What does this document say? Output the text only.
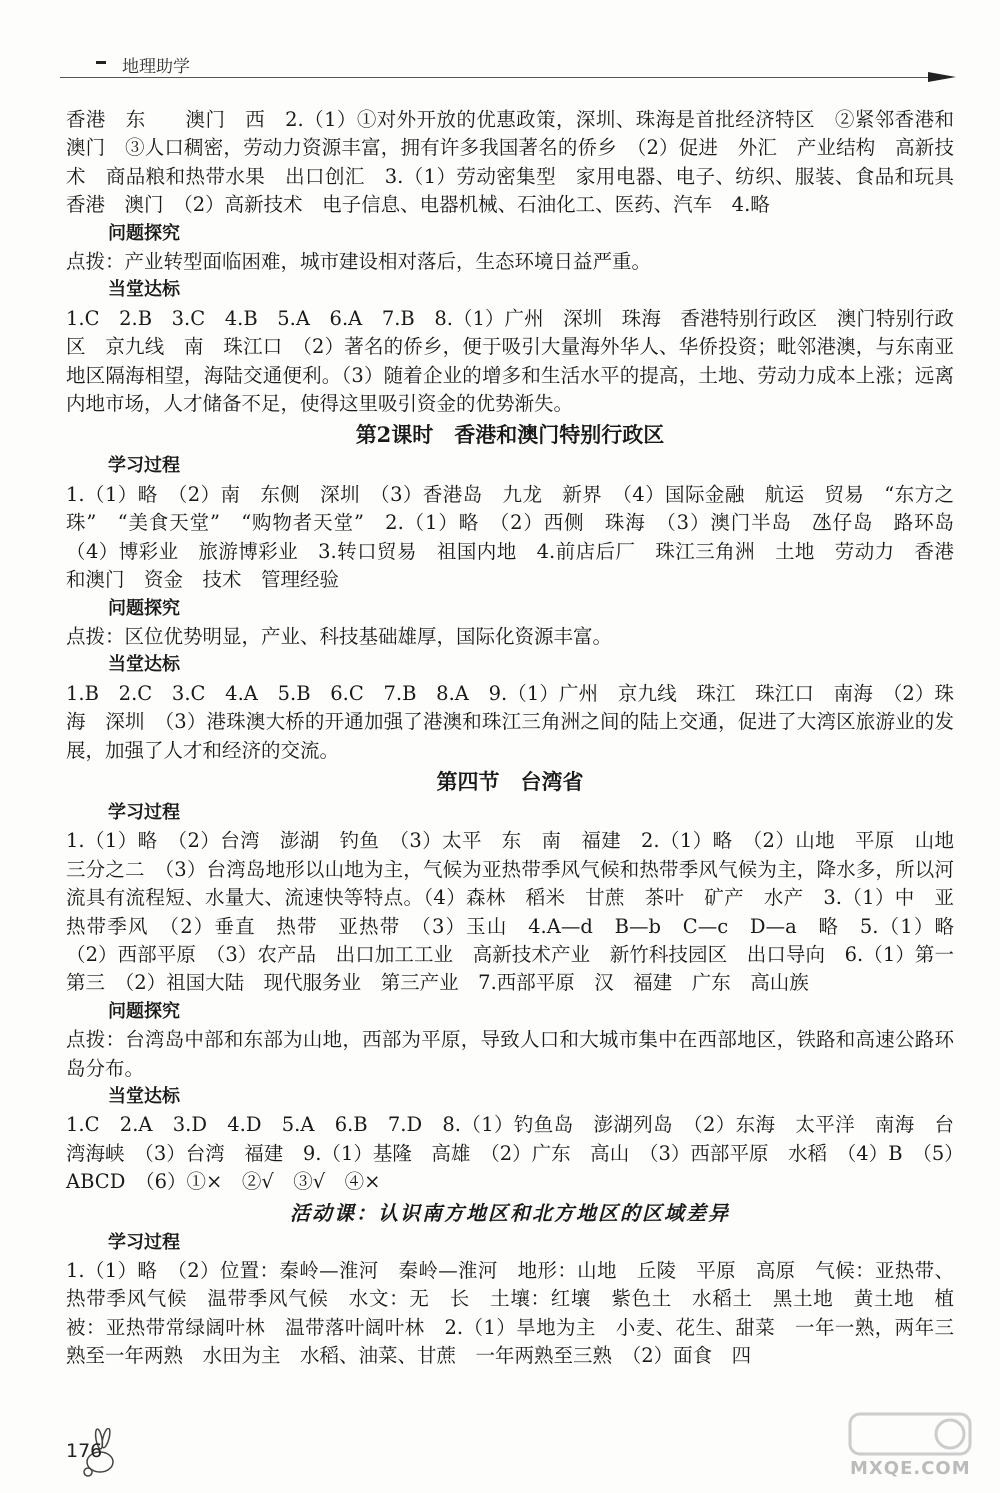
地理助学

香港　东　　澳门　西　2.（1）①对外开放的优惠政策，深圳、珠海是首批经济特区　②紧邻香港和澳门　③人口稠密，劳动力资源丰富，拥有许多我国著名的侨乡　（2）促进　外汇　产业结构　高新技术　商品粮和热带水果　出口创汇　3.（1）劳动密集型　家用电器、电子、纺织、服装、食品和玩具　香港　澳门　（2）高新技术　电子信息、电器机械、石油化工、医药、汽车　4.略

问题探究

点拨：产业转型面临困难，城市建设相对落后，生态环境日益严重。

当堂达标

1.C　2.B　3.C　4.B　5.A　6.A　7.B　8.（1）广州　深圳　珠海　香港特别行政区　澳门特别行政区　京九线　南　珠江口　（2）著名的侨乡，便于吸引大量海外华人、华侨投资；毗邻港澳，与东南亚地区隔海相望，海陆交通便利。（3）随着企业的增多和生活水平的提高，土地、劳动力成本上涨；远离内地市场，人才储备不足，使得这里吸引资金的优势渐失。

第2课时　香港和澳门特别行政区

学习过程

1.（1）略　（2）南　东侧　深圳　（3）香港岛　九龙　新界　（4）国际金融　航运　贸易　“东方之珠”　“美食天堂”　“购物者天堂”　2.（1）略　（2）西侧　珠海　（3）澳门半岛　氹仔岛　路环岛　（4）博彩业　旅游博彩业　3.转口贸易　祖国内地　4.前店后厂　珠江三角洲　土地　劳动力　香港和澳门　资金　技术　管理经验

问题探究

点拨：区位优势明显，产业、科技基础雄厚，国际化资源丰富。

当堂达标

1.B　2.C　3.C　4.A　5.B　6.C　7.B　8.A　9.（1）广州　京九线　珠江　珠江口　南海　（2）珠海　深圳　（3）港珠澳大桥的开通加强了港澳和珠江三角洲之间的陆上交通，促进了大湾区旅游业的发展，加强了人才和经济的交流。

第四节　台湾省

学习过程

1.（1）略　（2）台湾　澎湖　钓鱼　（3）太平　东　南　福建　2.（1）略　（2）山地　平原　山地　三分之二　（3）台湾岛地形以山地为主，气候为亚热带季风气候和热带季风气候为主，降水多，所以河流具有流程短、水量大、流速快等特点。（4）森林　稻米　甘蔗　茶叶　矿产　水产　3.（1）中　亚热带季风　（2）垂直　热带　亚热带　（3）玉山　4.A—d　B—b　C—c　D—a　略　5.（1）略　（2）西部平原　（3）农产品　出口加工工业　高新技术产业　新竹科技园区　出口导向　6.（1）第一　第三　（2）祖国大陆　现代服务业　第三产业　7.西部平原　汉　福建　广东　高山族

问题探究

点拨：台湾岛中部和东部为山地，西部为平原，导致人口和大城市集中在西部地区，铁路和高速公路环岛分布。

当堂达标

1.C　2.A　3.D　4.D　5.A　6.B　7.D　8.（1）钓鱼岛　澎湖列岛　（2）东海　太平洋　南海　台湾海峡　（3）台湾　福建　9.（1）基隆　高雄　（2）广东　高山　（3）西部平原　水稻　（4）B　（5）ABCD　（6）①×　②√　③√　④×

活动课：认识南方地区和北方地区的区域差异

学习过程

1.（1）略　（2）位置：秦岭—淮河　秦岭—淮河　地形：山地　丘陵　平原　高原　气候：亚热带、热带季风气候　温带季风气候　水文：无　长　土壤：红壤　紫色土　水稻土　黑土地　黄土地　植被：亚热带常绿阔叶林　温带落叶阔叶林　2.（1）旱地为主　小麦、花生、甜菜　一年一熟，两年三熟至一年两熟　水田为主　水稻、油菜、甘蔗　一年两熟至三熟　（2）面食　四

176
MXQE.COM
